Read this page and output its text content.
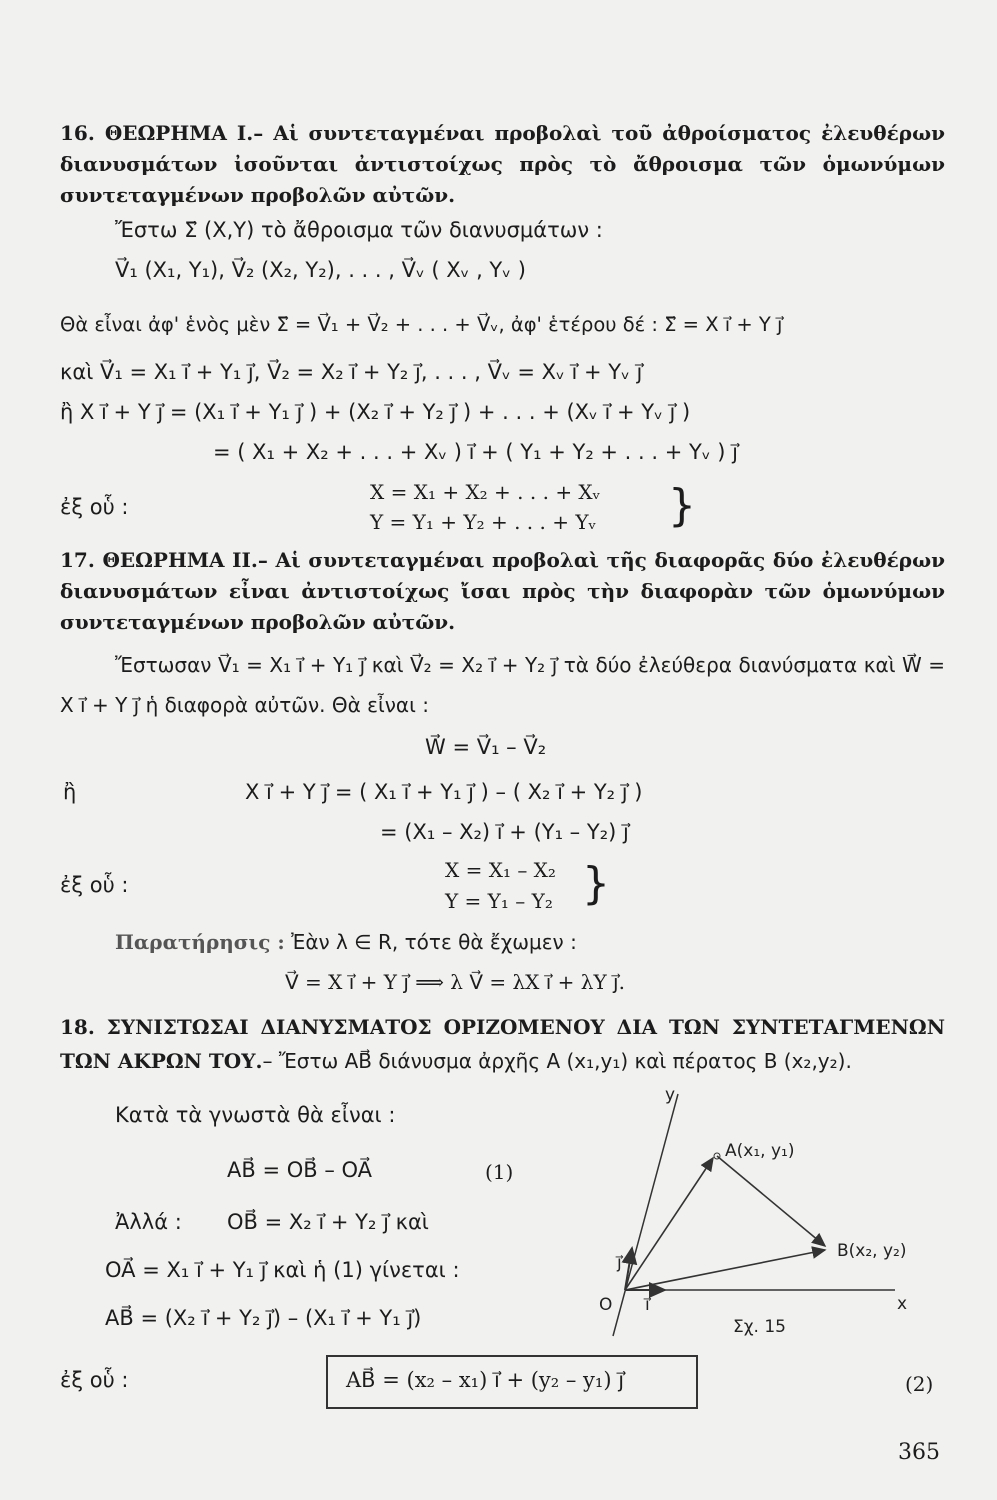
16. ΘΕΩΡΗΜΑ Ι.– Αἱ συντεταγμέναι προβολαὶ τοῦ ἀθροίσματος ἐλευθέρων διανυσμάτων ἰσοῦνται ἀντιστοίχως πρὸς τὸ ἄθροισμα τῶν ὁμωνύμων συντεταγμένων προβολῶν αὐτῶν.
Ἔστω Σ⃗ (X,Y) τὸ ἄθροισμα τῶν διανυσμάτων :
V⃗₁ (X₁, Y₁), V⃗₂ (X₂, Y₂), . . . , V⃗ᵥ ( Xᵥ , Yᵥ )
Θὰ εἶναι ἀφ' ἑνὸς μὲν Σ⃗ = V⃗₁ + V⃗₂ + . . . + V⃗ᵥ, ἀφ' ἑτέρου δέ : Σ⃗ = X ı⃗ + Y ȷ⃗
καὶ V⃗₁ = X₁ ı⃗ + Y₁ ȷ⃗, V⃗₂ = X₂ ı⃗ + Y₂ ȷ⃗, . . . , V⃗ᵥ = Xᵥ ı⃗ + Yᵥ ȷ⃗
ἢ X ı⃗ + Y ȷ⃗ = (X₁ ı⃗ + Y₁ ȷ⃗ ) + (X₂ ı⃗ + Y₂ ȷ⃗ ) + . . . + (Xᵥ ı⃗ + Yᵥ ȷ⃗ )
= ( X₁ + X₂ + . . . + Xᵥ ) ı⃗ + ( Y₁ + Y₂ + . . . + Yᵥ ) ȷ⃗
ἐξ οὗ :
X = X₁ + X₂ + . . . + Xᵥ
Y = Y₁ + Y₂ + . . . + Yᵥ }
17. ΘΕΩΡΗΜΑ ΙΙ.– Αἱ συντεταγμέναι προβολαὶ τῆς διαφορᾶς δύο ἐλευθέρων διανυσμάτων εἶναι ἀντιστοίχως ἴσαι πρὸς τὴν διαφορὰν τῶν ὁμωνύμων συντεταγμένων προβολῶν αὐτῶν.
Ἔστωσαν V⃗₁ = X₁ ı⃗ + Y₁ ȷ⃗ καὶ V⃗₂ = X₂ ı⃗ + Y₂ ȷ⃗ τὰ δύο ἐλεύθερα διανύσματα καὶ W⃗ = X ı⃗ + Y ȷ⃗ ἡ διαφορὰ αὐτῶν. Θὰ εἶναι :
W⃗ = V⃗₁ – V⃗₂
ἢ	X ı⃗ + Y ȷ⃗ = ( X₁ ı⃗ + Y₁ ȷ⃗ ) – ( X₂ ı⃗ + Y₂ ȷ⃗ )
= (X₁ – X₂) ı⃗ + (Y₁ – Y₂) ȷ⃗
ἐξ οὗ :
X = X₁ – X₂
Y = Y₁ – Y₂ }
Παρατήρησις : Ἐὰν λ ∈ R, τότε θὰ ἔχωμεν :
V⃗ = X ı⃗ + Y ȷ⃗ ⟹ λ V⃗ = λX ı⃗ + λY ȷ⃗.
18. ΣΥΝΙΣΤΩΣΑΙ ΔΙΑΝΥΣΜΑΤΟΣ ΟΡΙΖΟΜΕΝΟΥ ΔΙΑ ΤΩΝ ΣΥΝΤΕΤΑΓΜΕΝΩΝ ΤΩΝ ΑΚΡΩΝ ΤΟΥ.– Ἔστω AB⃗ διάνυσμα ἀρχῆς A (x₁,y₁) καὶ πέρατος B (x₂,y₂).
Κατὰ τὰ γνωστὰ θὰ εἶναι :
AB⃗ = OB⃗ – OA⃗	(1)
Ἀλλά : OB⃗ = X₂ ı⃗ + Y₂ ȷ⃗ καὶ
OA⃗ = X₁ ı⃗ + Y₁ ȷ⃗ καὶ ἡ (1) γίνεται :
AB⃗ = (X₂ ı⃗ + Y₂ ȷ⃗) – (X₁ ı⃗ + Y₁ ȷ⃗)
ἐξ οὗ :	AB⃗ = (x₂ – x₁) ı⃗ + (y₂ – y₁) ȷ⃗	(2)
y
x
O ı⃗
ȷ⃗
A(x₁, y₁)
B(x₂, y₂)
Σχ. 15
365
